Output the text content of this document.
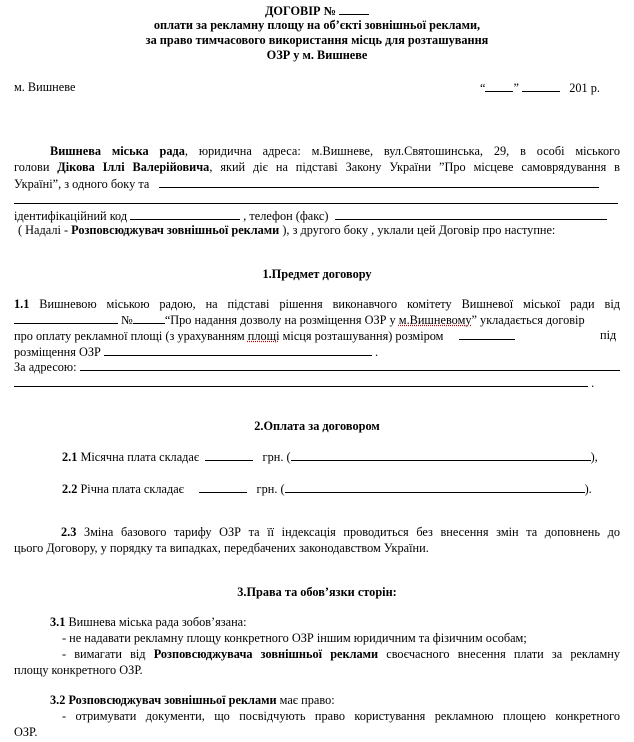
ДОГОВІР №
оплати за рекламну площу на об’єкті зовнішньої реклами,
за право тимчасового використання місць для розташування
ОЗР у м. Вишневе
м. Вишневе	“ ”	201 р.
Вишнева міська рада, юридична адреса: м.Вишневе, вул.Святошинська, 29, в особі міського
голови Дікова Іллі Валерійовича, який діє на підставі Закону України ”Про місцеве самоврядування в
Україні”, з одного боку та
ідентифікаційний код	, телефон (факс)
( Надалі - Розповсюджувач зовнішньої реклами ), з другого боку , уклали цей Договір про наступне:
1.Предмет договору
1.1 Вишневою міською радою, на підставі рішення виконавчого комітету Вишневої міської ради від
№	“Про надання дозволу на розміщення ОЗР у м.Вишневому” укладається договір
про оплату рекламної площі (з урахуванням площі місця розташування) розміром	під
розміщення ОЗР	.
За адресою:
.
2.Оплата за договором
2.1 Місячна плата складає	грн. (	),
2.2 Річна плата складає	грн. (	).
2.3 Зміна базового тарифу ОЗР та її індексація проводиться без внесення змін та доповнень до
цього Договору, у порядку та випадках, передбачених законодавством України.
3.Права та обов’язки сторін:
3.1 Вишнева міська рада зобов’язана:
- не надавати рекламну площу конкретного ОЗР іншим юридичним та фізичним особам;
- вимагати від Розповсюджувача зовнішньої реклами своєчасного внесення плати за рекламну
площу конкретного ОЗР.
3.2 Розповсюджувач зовнішньої реклами має право:
- отримувати документи, що посвідчують право користування рекламною площею конкретного
ОЗР.
